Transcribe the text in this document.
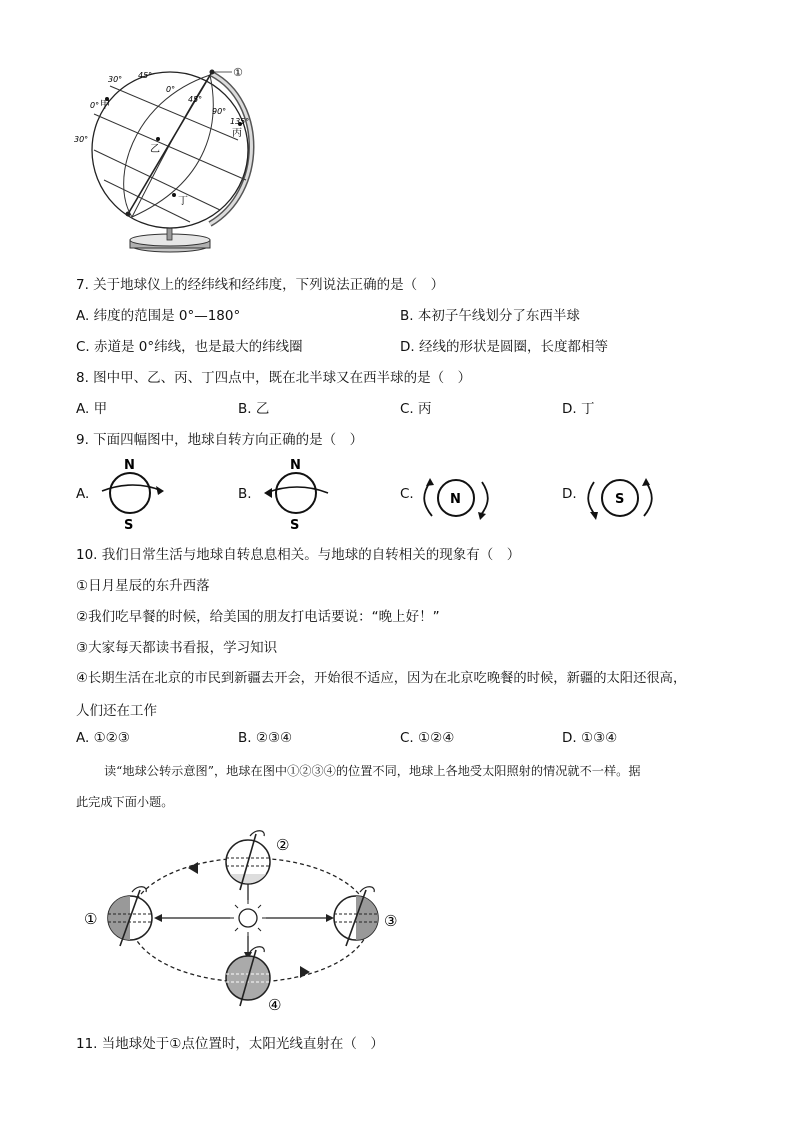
①
30° 45°
0°
0° 甲
45°
90°
135°
丙
乙
30°
丁
7. 关于地球仪上的经纬线和经纬度，下列说法正确的是（　）
A. 纬度的范围是 0°—180°	B. 本初子午线划分了东西半球
C. 赤道是 0°纬线，也是最大的纬线圈	D. 经线的形状是圆圈，长度都相等
8. 图中甲、乙、丙、丁四点中，既在北半球又在西半球的是（　）
A. 甲	B. 乙	C. 丙	D. 丁
9. 下面四幅图中，地球自转方向正确的是（　）
A.
N
S
B.
N
S
C.	N	D.	S
10. 我们日常生活与地球自转息息相关。与地球的自转相关的现象有（　）
①日月星辰的东升西落
②我们吃早餐的时候，给美国的朋友打电话要说：“晚上好！”
③大家每天都读书看报，学习知识
④长期生活在北京的市民到新疆去开会，开始很不适应，因为在北京吃晚餐的时候，新疆的太阳还很高，
人们还在工作
A. ①②③	B. ②③④	C. ①②④	D. ①③④
读“地球公转示意图”，地球在图中①②③④的位置不同，地球上各地受太阳照射的情况就不一样。据
此完成下面小题。
①
②
③
④
11. 当地球处于①点位置时，太阳光线直射在（　）
